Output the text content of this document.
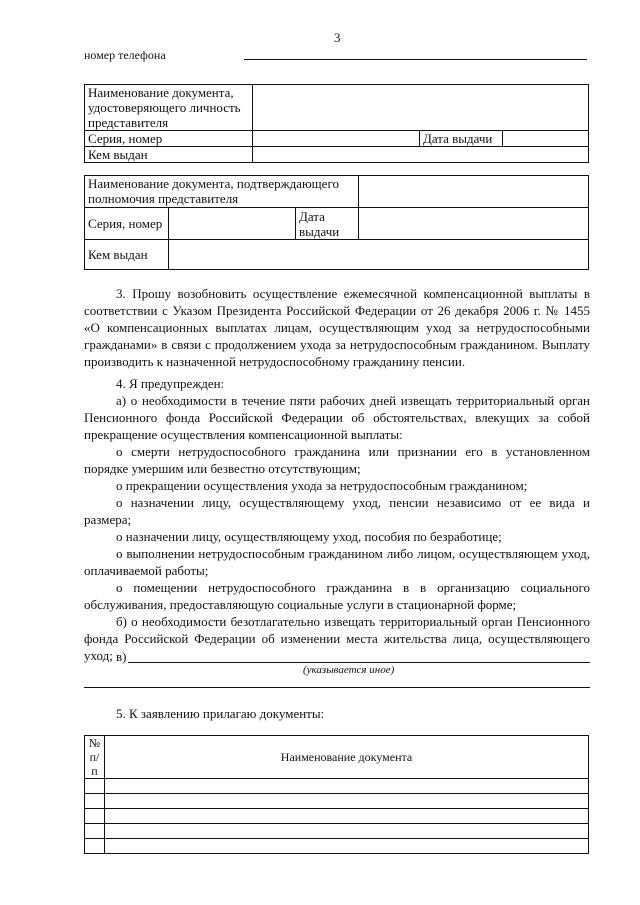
3
номер телефона
Наименование документа, удостоверяющего личность представителя			
Серия, номер		Дата выдачи	
Кем выдан			
Наименование документа, подтверждающего полномочия представителя			
Серия, номер		Дата выдачи	
Кем выдан			

3. Прошу возобновить осуществление ежемесячной компенсационной выплаты в соответствии с Указом Президента Российской Федерации от 26 декабря 2006 г. № 1455 «О компенсационных выплатах лицам, осуществляющим уход за нетрудоспособными гражданами» в связи с продолжением ухода за нетрудоспособным гражданином. Выплату производить к назначенной нетрудоспособному гражданину пенсии.

4. Я предупрежден:

а) о необходимости в течение пяти рабочих дней извещать территориальный орган Пенсионного фонда Российской Федерации об обстоятельствах, влекущих за собой прекращение осуществления компенсационной выплаты:

о смерти нетрудоспособного гражданина или признании его в установленном порядке умершим или безвестно отсутствующим;

о прекращении осуществления ухода за нетрудоспособным гражданином;

о назначении лицу, осуществляющему уход, пенсии независимо от ее вида и размера;

о назначении лицу, осуществляющему уход, пособия по безработице;

о выполнении нетрудоспособным гражданином либо лицом, осуществляющем уход, оплачиваемой работы;

о помещении нетрудоспособного гражданина в в организацию социального обслуживания, предоставляющую социальные услуги в стационарной форме;

б) о необходимости безотлагательно извещать территориальный орган Пенсионного фонда Российской Федерации об изменении места жительства лица, осуществляющего уход; в)
(указывается иное)
5. К заявлению прилагаю документы:
№ п/ п	Наименование документа
